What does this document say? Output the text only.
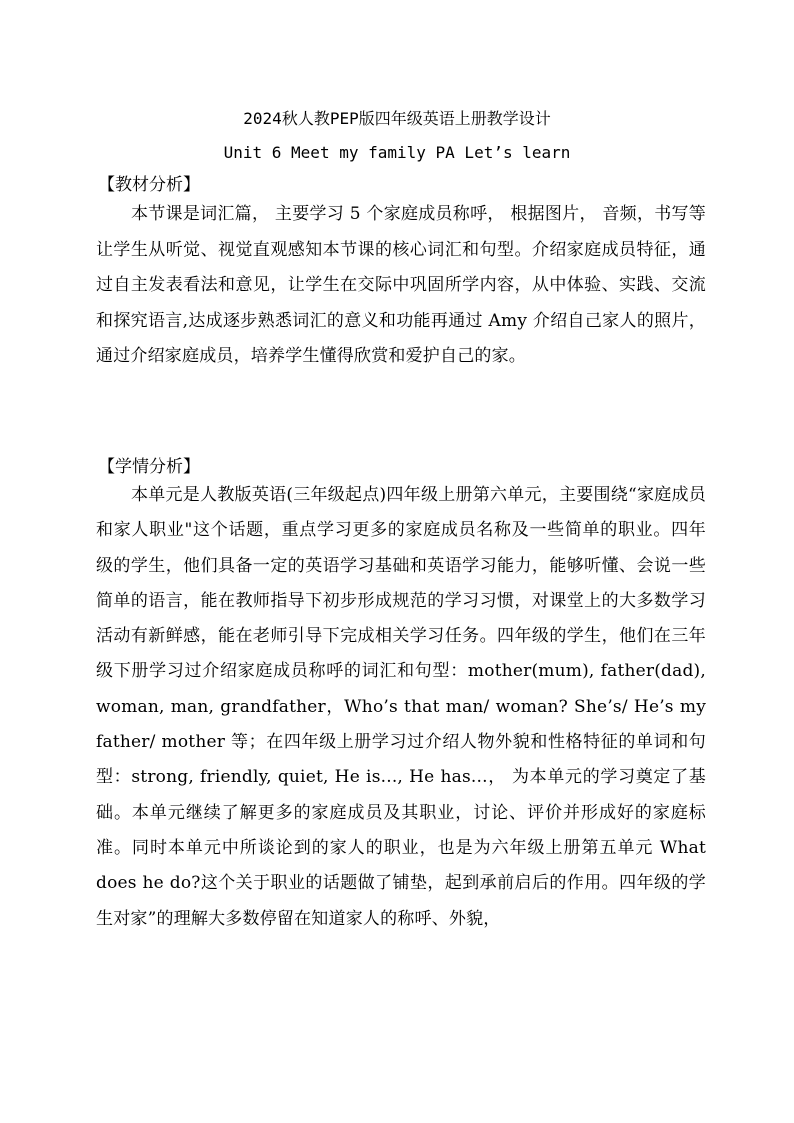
2024秋人教PEP版四年级英语上册教学设计
Unit 6 Meet my family PA Let’s learn
【教材分析】
本节课是词汇篇， 主要学习 5 个家庭成员称呼， 根据图片， 音频，书写等让学生从听觉、视觉直观感知本节课的核心词汇和句型。介绍家庭成员特征，通过自主发表看法和意见，让学生在交际中巩固所学内容，从中体验、实践、交流和探究语言,达成逐步熟悉词汇的意义和功能再通过 Amy 介绍自己家人的照片， 通过介绍家庭成员，培养学生懂得欣赏和爱护自己的家。
【学情分析】
本单元是人教版英语(三年级起点)四年级上册第六单元，主要围绕“家庭成员和家人职业"这个话题，重点学习更多的家庭成员名称及一些简单的职业。四年级的学生，他们具备一定的英语学习基础和英语学习能力，能够听懂、会说一些简单的语言，能在教师指导下初步形成规范的学习习惯，对课堂上的大多数学习活动有新鲜感，能在老师引导下完成相关学习任务。四年级的学生，他们在三年级下册学习过介绍家庭成员称呼的词汇和句型：mother(mum), father(dad), woman, man, grandfather，Who’s that man/ woman? She’s/ He’s my father/ mother 等；在四年级上册学习过介绍人物外貌和性格特征的单词和句型：strong, friendly, quiet, He is..., He has...， 为本单元的学习奠定了基础。本单元继续了解更多的家庭成员及其职业，讨论、评价并形成好的家庭标准。同时本单元中所谈论到的家人的职业，也是为六年级上册第五单元 What does he do?这个关于职业的话题做了铺垫，起到承前启后的作用。四年级的学生对家”的理解大多数停留在知道家人的称呼、外貌，
